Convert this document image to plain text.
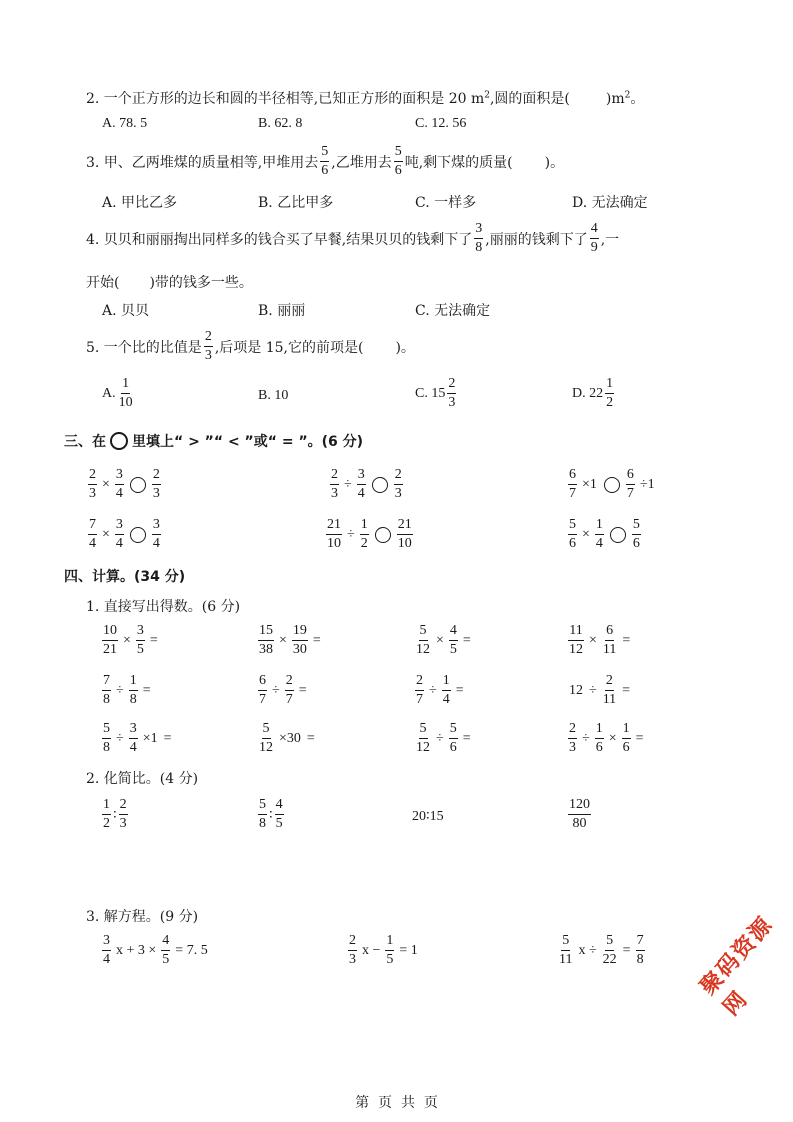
2. 一个正方形的边长和圆的半径相等,已知正方形的面积是 20 $m^2$,圆的面积是(	)$m^2$。
A. 78. 5	B. 62. 8	C. 12. 56
3. 甲、乙两堆煤的质量相等,甲堆用去 $\frac{5}{6}$ ,乙堆用去 $\frac{5}{6}$ 吨,剩下煤的质量( )。
A. 甲比乙多	B. 乙比甲多	C. 一样多	D. 无法确定
4. 贝贝和丽丽掏出同样多的钱合买了早餐,结果贝贝的钱剩下了 $\frac{3}{8}$ ,丽丽的钱剩下了 $\frac{4}{9}$ ,一
开始( )带的钱多一些。
A. 贝贝	B. 丽丽	C. 无法确定
5. 一个比的比值是 $\frac{2}{3}$ ,后项是 15,它的前项是( )。
A. $\frac{1}{10}$	B. 10	C. $15 \frac{2}{3}$	D. $22 \frac{1}{2}$
三、在 里填上“ > ”“ < ”或“ = ”。(6 分)
$\frac{2}{3} \times \frac{3}{4} \frac{2}{3}$	$\frac{2}{3} \div \frac{3}{4} \frac{2}{3}$	$\frac{6}{7} \times 1 \frac{6}{7} \div 1$
$\frac{7}{4} \times \frac{3}{4} \frac{3}{4}$	$\frac{21}{10} \div \frac{1}{2} \frac{21}{10}$	$\frac{5}{6} \times \frac{1}{4} \frac{5}{6}$
四、计算。(34 分)
1. 直接写出得数。(6 分)
$\frac{10}{21} \times \frac{3}{5}$ =	$\frac{15}{38} \times \frac{19}{30}$ =	$\frac{5}{12} \times \frac{4}{5}$ =	$\frac{11}{12} \times \frac{6}{11}$ =
$\frac{7}{8} \div \frac{1}{8}$ =	$\frac{6}{7} \div \frac{2}{7}$ =	$\frac{2}{7} \div \frac{1}{4}$ =	$12 \div \frac{2}{11}$ =
$\frac{5}{8} \div \frac{3}{4} \times 1$ =	$\frac{5}{12} \times 30$ =	$\frac{5}{12} \div \frac{5}{6}$ =	$\frac{2}{3} \div \frac{1}{6} \times \frac{1}{6}$ =
2. 化简比。(4 分)
$\frac{1}{2}$ ∶ $\frac{2}{3}$	$\frac{5}{8}$ ∶ $\frac{4}{5}$	20∶15	$\frac{120}{80}$
3. 解方程。(9 分)
$\frac{3}{4}$ $x + 3 \times \frac{4}{5} = 7$. 5	$\frac{2}{3}$ $x - \frac{1}{5} = 1$	$\frac{5}{11}$ $x \div \frac{5}{22} = \frac{7}{8}$ 聚码资源网
第  页  共  页
